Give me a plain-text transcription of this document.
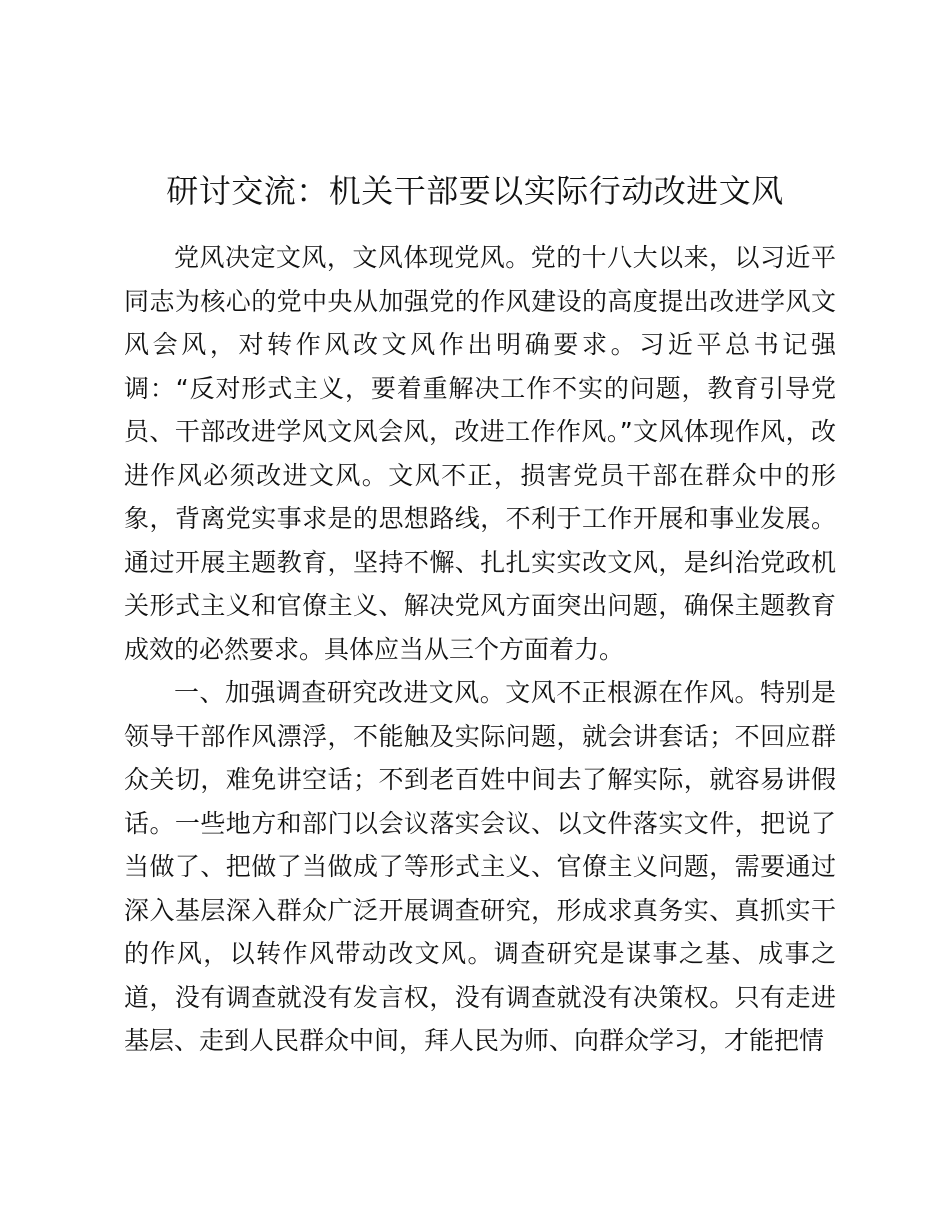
研讨交流：机关干部要以实际行动改进文风

党风决定文风，文风体现党风。党的十八大以来，以习近平同志为核心的党中央从加强党的作风建设的高度提出改进学风文风会风，对转作风改文风作出明确要求。习近平总书记强调：“反对形式主义，要着重解决工作不实的问题，教育引导党员、干部改进学风文风会风，改进工作作风。”文风体现作风，改进作风必须改进文风。文风不正，损害党员干部在群众中的形象，背离党实事求是的思想路线，不利于工作开展和事业发展。通过开展主题教育，坚持不懈、扎扎实实改文风，是纠治党政机关形式主义和官僚主义、解决党风方面突出问题，确保主题教育成效的必然要求。具体应当从三个方面着力。

一、加强调查研究改进文风。文风不正根源在作风。特别是领导干部作风漂浮，不能触及实际问题，就会讲套话；不回应群众关切，难免讲空话；不到老百姓中间去了解实际，就容易讲假话。一些地方和部门以会议落实会议、以文件落实文件，把说了当做了、把做了当做成了等形式主义、官僚主义问题，需要通过深入基层深入群众广泛开展调查研究，形成求真务实、真抓实干的作风，以转作风带动改文风。调查研究是谋事之基、成事之道，没有调查就没有发言权，没有调查就没有决策权。只有走进基层、走到人民群众中间，拜人民为师、向群众学习，才能把情
